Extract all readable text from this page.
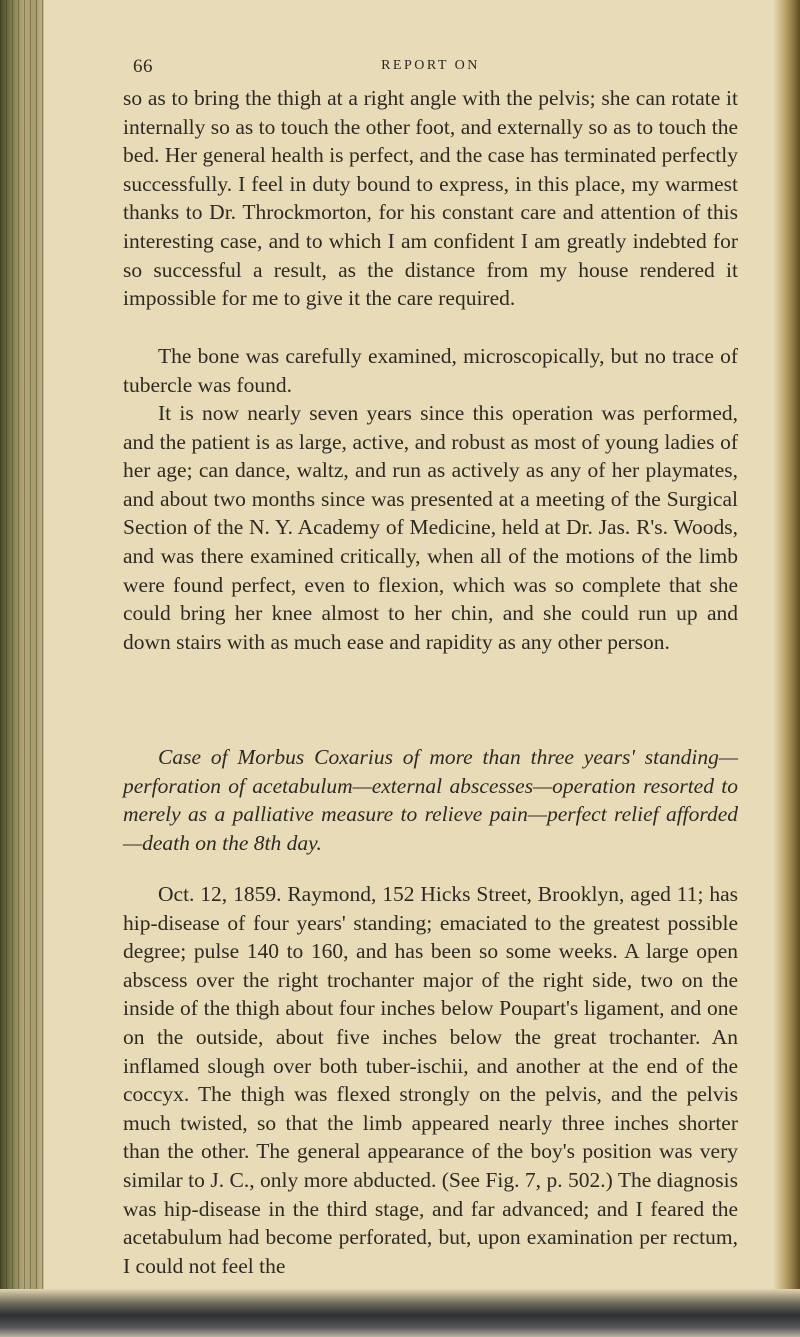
66	REPORT ON

so as to bring the thigh at a right angle with the pelvis; she can rotate it internally so as to touch the other foot, and externally so as to touch the bed. Her general health is perfect, and the case has terminated perfectly successfully. I feel in duty bound to express, in this place, my warmest thanks to Dr. Throckmorton, for his constant care and attention of this interesting case, and to which I am confident I am greatly indebted for so successful a result, as the distance from my house rendered it impossible for me to give it the care required.

The bone was carefully examined, microscopically, but no trace of tubercle was found.

It is now nearly seven years since this operation was performed, and the patient is as large, active, and robust as most of young ladies of her age; can dance, waltz, and run as actively as any of her playmates, and about two months since was presented at a meeting of the Surgical Section of the N. Y. Academy of Medicine, held at Dr. Jas. R's. Woods, and was there examined critically, when all of the motions of the limb were found perfect, even to flexion, which was so complete that she could bring her knee almost to her chin, and she could run up and down stairs with as much ease and rapidity as any other person.

Case of Morbus Coxarius of more than three years' standing—perforation of acetabulum—external abscesses—operation resorted to merely as a palliative measure to relieve pain—perfect relief afforded—death on the 8th day.

Oct. 12, 1859. Raymond, 152 Hicks Street, Brooklyn, aged 11; has hip-disease of four years' standing; emaciated to the greatest possible degree; pulse 140 to 160, and has been so some weeks. A large open abscess over the right trochanter major of the right side, two on the inside of the thigh about four inches below Poupart's ligament, and one on the outside, about five inches below the great trochanter. An inflamed slough over both tuber-ischii, and another at the end of the coccyx. The thigh was flexed strongly on the pelvis, and the pelvis much twisted, so that the limb appeared nearly three inches shorter than the other. The general appearance of the boy's position was very similar to J. C., only more abducted. (See Fig. 7, p. 502.) The diagnosis was hip-disease in the third stage, and far advanced; and I feared the acetabulum had become perforated, but, upon examination per rectum, I could not feel the
